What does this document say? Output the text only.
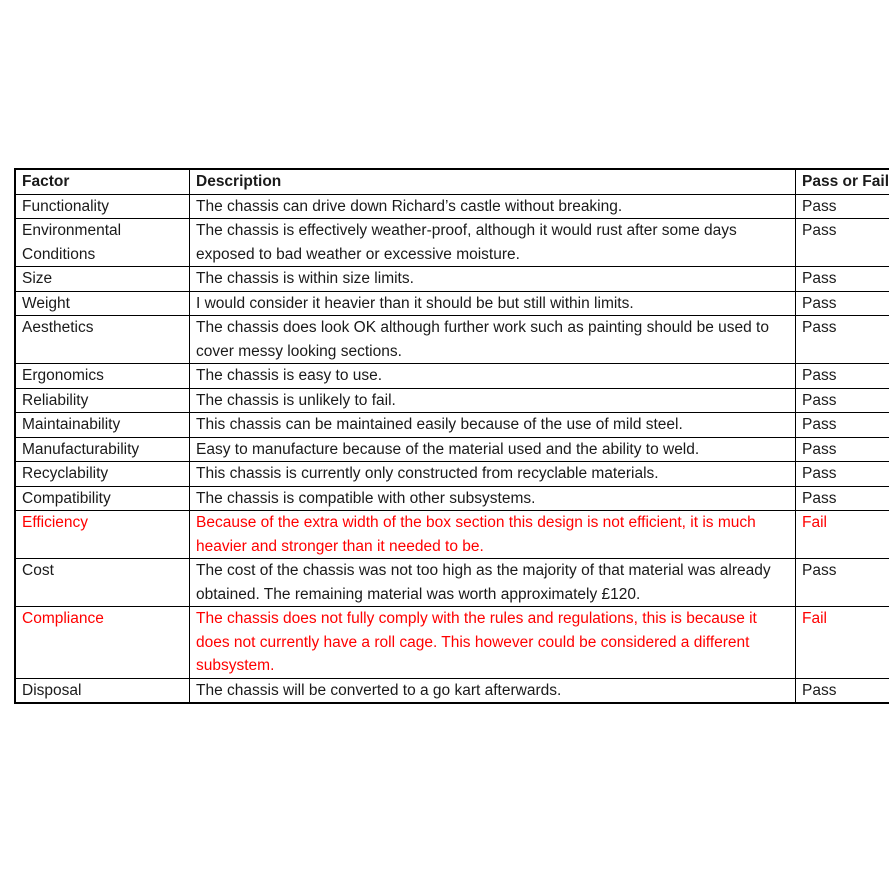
Factor	Description	Pass or Fail
Functionality	The chassis can drive down Richard’s castle without breaking.	Pass
Environmental Conditions	The chassis is effectively weather-proof, although it would rust after some days exposed to bad weather or excessive moisture.	Pass
Size	The chassis is within size limits.	Pass
Weight	I would consider it heavier than it should be but still within limits.	Pass
Aesthetics	The chassis does look OK although further work such as painting should be used to cover messy looking sections.	Pass
Ergonomics	The chassis is easy to use.	Pass
Reliability	The chassis is unlikely to fail.	Pass
Maintainability	This chassis can be maintained easily because of the use of mild steel.	Pass
Manufacturability	Easy to manufacture because of the material used and the ability to weld.	Pass
Recyclability	This chassis is currently only constructed from recyclable materials.	Pass
Compatibility	The chassis is compatible with other subsystems.	Pass
Efficiency	Because of the extra width of the box section this design is not efficient, it is much heavier and stronger than it needed to be.	Fail
Cost	The cost of the chassis was not too high as the majority of that material was already obtained. The remaining material was worth approximately £120.	Pass
Compliance	The chassis does not fully comply with the rules and regulations, this is because it does not currently have a roll cage. This however could be considered a different subsystem.	Fail
Disposal	The chassis will be converted to a go kart afterwards.	Pass
